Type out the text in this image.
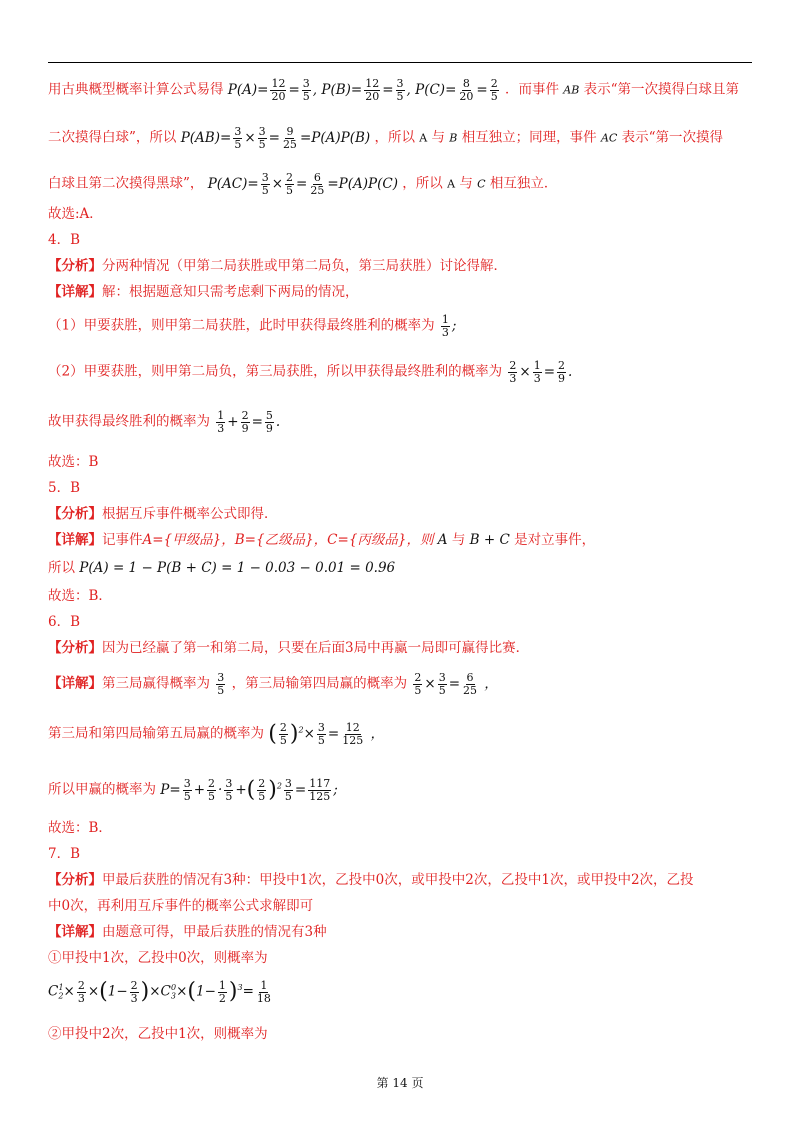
用古典概型概率计算公式易得 $P(A)= \frac{12}{20} = \frac{3}{5}$ , $P(B)= \frac{12}{20} = \frac{3}{5}$ , $P(C)= \frac{8}{20} = \frac{2}{5}$ ．而事件 AB 表示“第一次摸得白球且第
二次摸得白球”，所以 $P(AB)= \frac{3}{5} \times \frac{3}{5} = \frac{9}{25} =P(A)P(B)$ ，所以 A 与 B 相互独立；同理，事件 AC 表示“第一次摸得
白球且第二次摸得黑球”， $P(AC)= \frac{3}{5} \times \frac{2}{5} = \frac{6}{25} =P(A)P(C)$ ，所以 A 与 C 相互独立．
故选:A．
4．B
【分析】分两种情况（甲第二局获胜或甲第二局负，第三局获胜）讨论得解．
【详解】解：根据题意知只需考虑剩下两局的情况，
（1）甲要获胜，则甲第二局获胜，此时甲获得最终胜利的概率为 $\frac{1}{3}$ ;
（2）甲要获胜，则甲第二局负，第三局获胜，所以甲获得最终胜利的概率为 $\frac{2}{3} \times \frac{1}{3} = \frac{2}{9}$ .
故甲获得最终胜利的概率为 $\frac{1}{3} + \frac{2}{9} = \frac{5}{9}$ .
故选：B
5．B
【分析】根据互斥事件概率公式即得．
【详解】记事件A={甲级品}，B={乙级品}，C={丙级品}，则 A 与 B + C 是对立事件，
所以 P(A) = 1 − P(B + C) = 1 − 0.03 − 0.01 = 0.96
故选：B．
6．B
【分析】因为已经赢了第一和第二局，只要在后面3局中再赢一局即可赢得比赛．
【详解】第三局赢得概率为 $\frac{3}{5}$ ，第三局输第四局赢的概率为 $\frac{2}{5} \times \frac{3}{5} = \frac{6}{25}$ ，
第三局和第四局输第五局赢的概率为 ( $\frac{2}{5} )^2\times \frac{3}{5} = \frac{12}{125}$ ，
所以甲赢的概率为 $P= \frac{3}{5} + \frac{2}{5} \cdot \frac{3}{5}$ +( $\frac{2}{5} )^2 \frac{3}{5} = \frac{117}{125}$ ;
故选：B．
7．B
【分析】甲最后获胜的情况有3种：甲投中1次，乙投中0次，或甲投中2次，乙投中1次，或甲投中2次，乙投
中0次，再利用互斥事件的概率公式求解即可
【详解】由题意可得，甲最后获胜的情况有3种
①甲投中1次，乙投中0次，则概率为
$C_2^1\times \frac{2}{3} \times(1- \frac{2}{3} )\times C_3^0\times(1- \frac{1}{2} )^3= \frac{1}{18}$
②甲投中2次，乙投中1次，则概率为
第 14 页
